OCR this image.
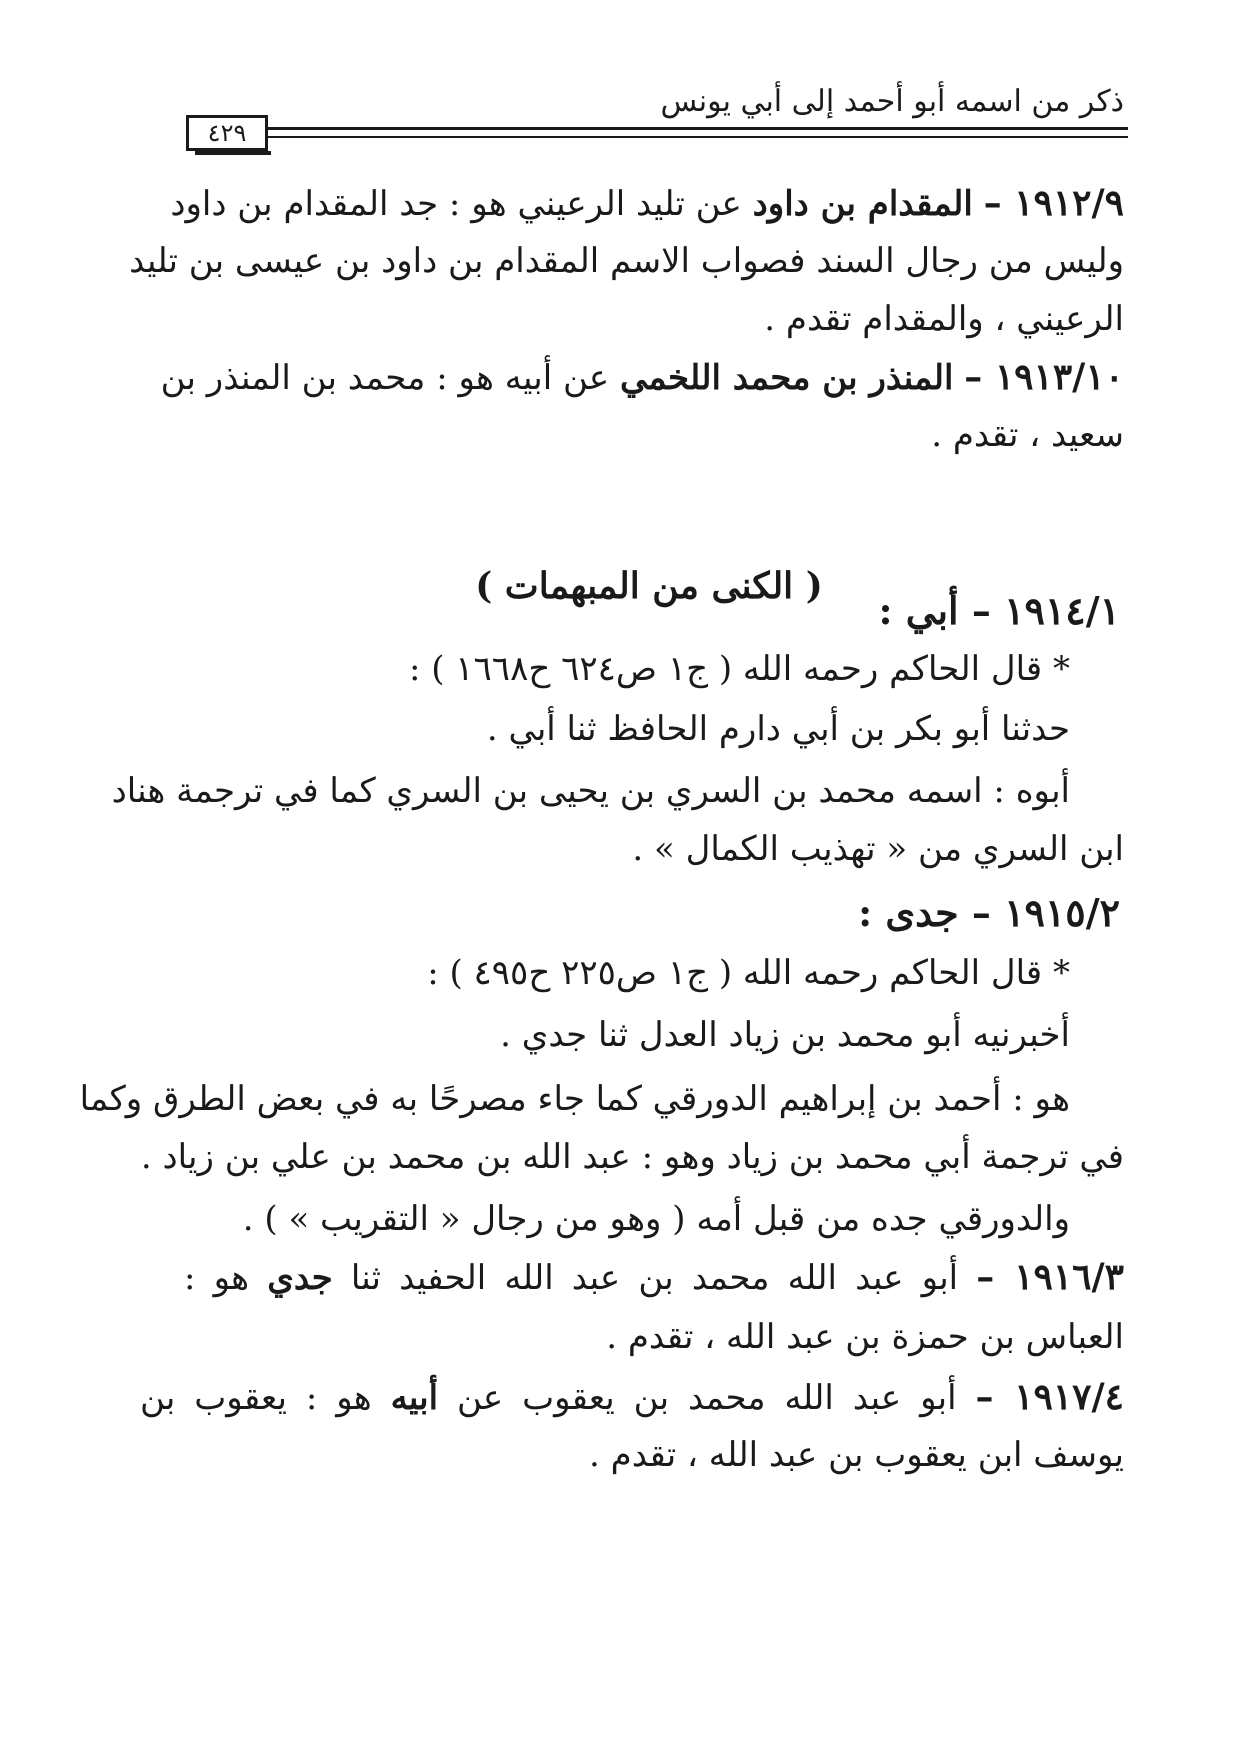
ذكر من اسمه أبو أحمد إلى أبي يونس
٤٢٩
١٩١٢/٩ – المقدام بن داود عن تليد الرعيني هو : جد المقدام بن داود
وليس من رجال السند فصواب الاسم المقدام بن داود بن عيسى بن تليد
الرعيني ، والمقدام تقدم .
١٩١٣/١٠ – المنذر بن محمد اللخمي عن أبيه هو : محمد بن المنذر بن
سعيد ، تقدم .
( الكنى من المبهمات )
١٩١٤/١ – أبي :
* قال الحاكم رحمه الله ( ج١ ص٦٢٤ ح١٦٦٨ ) :
حدثنا أبو بكر بن أبي دارم الحافظ ثنا أبي .
أبوه : اسمه محمد بن السري بن يحيى بن السري كما في ترجمة هناد
ابن السري من « تهذيب الكمال » .
١٩١٥/٢ – جدى :
* قال الحاكم رحمه الله ( ج١ ص٢٢٥ ح٤٩٥ ) :
أخبرنيه أبو محمد بن زياد العدل ثنا جدي .
هو : أحمد بن إبراهيم الدورقي كما جاء مصرحًا به في بعض الطرق وكما
في ترجمة أبي محمد بن زياد وهو : عبد الله بن محمد بن علي بن زياد .
والدورقي جده من قبل أمه ( وهو من رجال « التقريب » ) .
١٩١٦/٣ – أبو عبد الله محمد بن عبد الله الحفيد ثنا جدي هو :
العباس بن حمزة بن عبد الله ، تقدم .
١٩١٧/٤ – أبو عبد الله محمد بن يعقوب عن أبيه هو : يعقوب بن
يوسف ابن يعقوب بن عبد الله ، تقدم .
